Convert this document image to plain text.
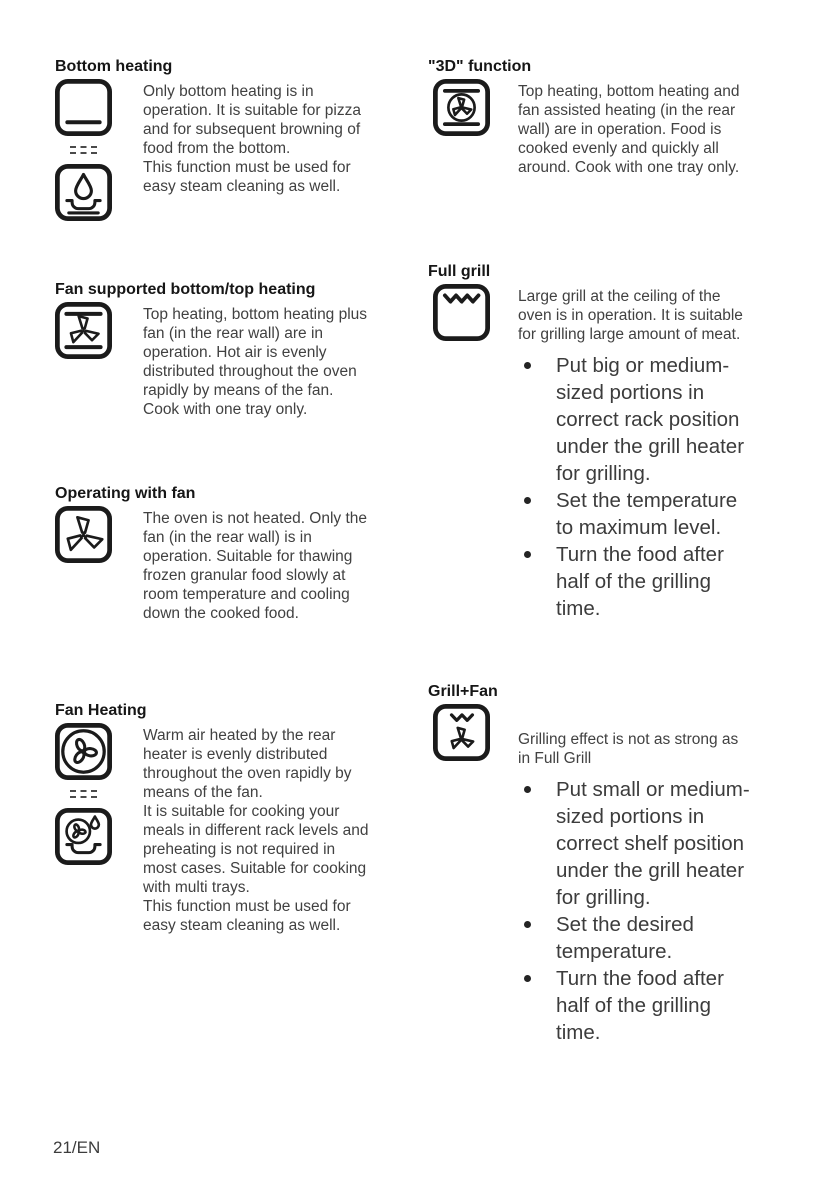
Bottom heating

Only bottom heating is in operation. It is suitable for pizza and for subsequent browning of food from the bottom.

This function must be used for easy steam cleaning as well.

Fan supported bottom/top heating

Top heating, bottom heating plus fan (in the rear wall) are in operation. Hot air is evenly distributed throughout the oven rapidly by means of the fan. Cook with one tray only.

Operating with fan

The oven is not heated. Only the fan (in the rear wall) is in operation. Suitable for thawing frozen granular food slowly at room temperature and cooling down the cooked food.

Fan Heating

Warm air heated by the rear heater is evenly distributed throughout the oven rapidly by means of the fan.

It is suitable for cooking your meals in different rack levels and preheating is not required in most cases. Suitable for cooking with multi trays.

This function must be used for easy steam cleaning as well.

"3D" function

Top heating, bottom heating and fan assisted heating (in the rear wall) are in operation. Food is cooked evenly and quickly all around. Cook with one tray only.

Full grill

Large grill at the ceiling of the oven is in operation. It is suitable for grilling large amount of meat.

Put big or medium-sized portions in correct rack position under the grill heater for grilling.
Set the temperature to maximum level.
Turn the food after half of the grilling time.
Grill+Fan

Grilling effect is not as strong as in Full Grill

Put small or medium-sized portions in correct shelf position under the grill heater for grilling.
Set the desired temperature.
Turn the food after half of the grilling time.
21/EN
